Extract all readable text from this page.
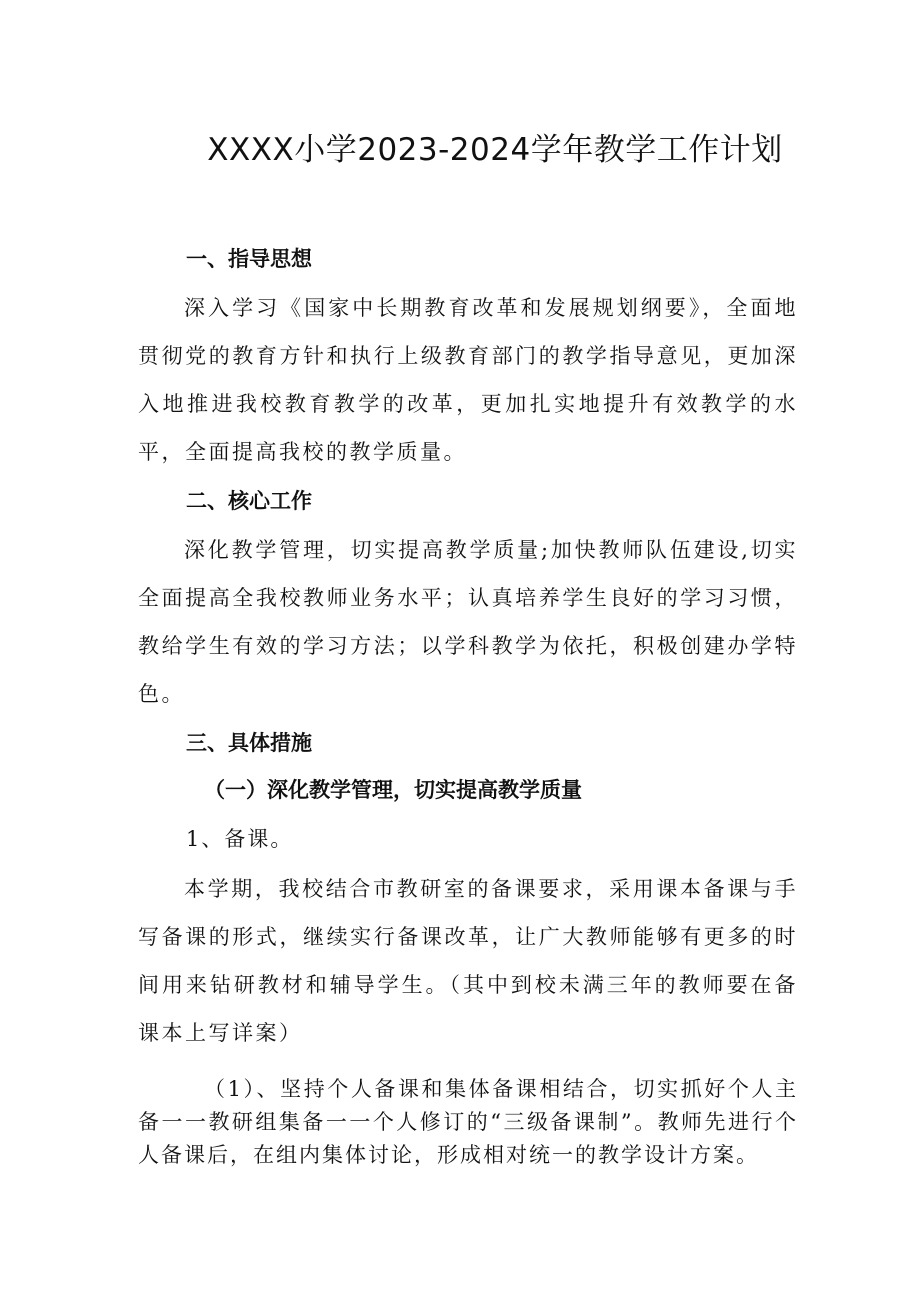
XXXX小学2023-2024学年教学工作计划
一、指导思想

深入学习《国家中长期教育改革和发展规划纲要》，全面地贯彻党的教育方针和执行上级教育部门的教学指导意见，更加深入地推进我校教育教学的改革，更加扎实地提升有效教学的水平，全面提高我校的教学质量。

二、核心工作

深化教学管理，切实提高教学质量;加快教师队伍建设,切实全面提高全我校教师业务水平；认真培养学生良好的学习习惯，教给学生有效的学习方法；以学科教学为依托，积极创建办学特色。

三、具体措施
（一）深化教学管理，切实提高教学质量

1、备课。

本学期，我校结合市教研室的备课要求，采用课本备课与手写备课的形式，继续实行备课改革，让广大教师能够有更多的时间用来钻研教材和辅导学生。（其中到校未满三年的教师要在备课本上写详案）

（1）、坚持个人备课和集体备课相结合，切实抓好个人主备一一教研组集备一一个人修订的“三级备课制”。教师先进行个人备课后，在组内集体讨论，形成相对统一的教学设计方案。
